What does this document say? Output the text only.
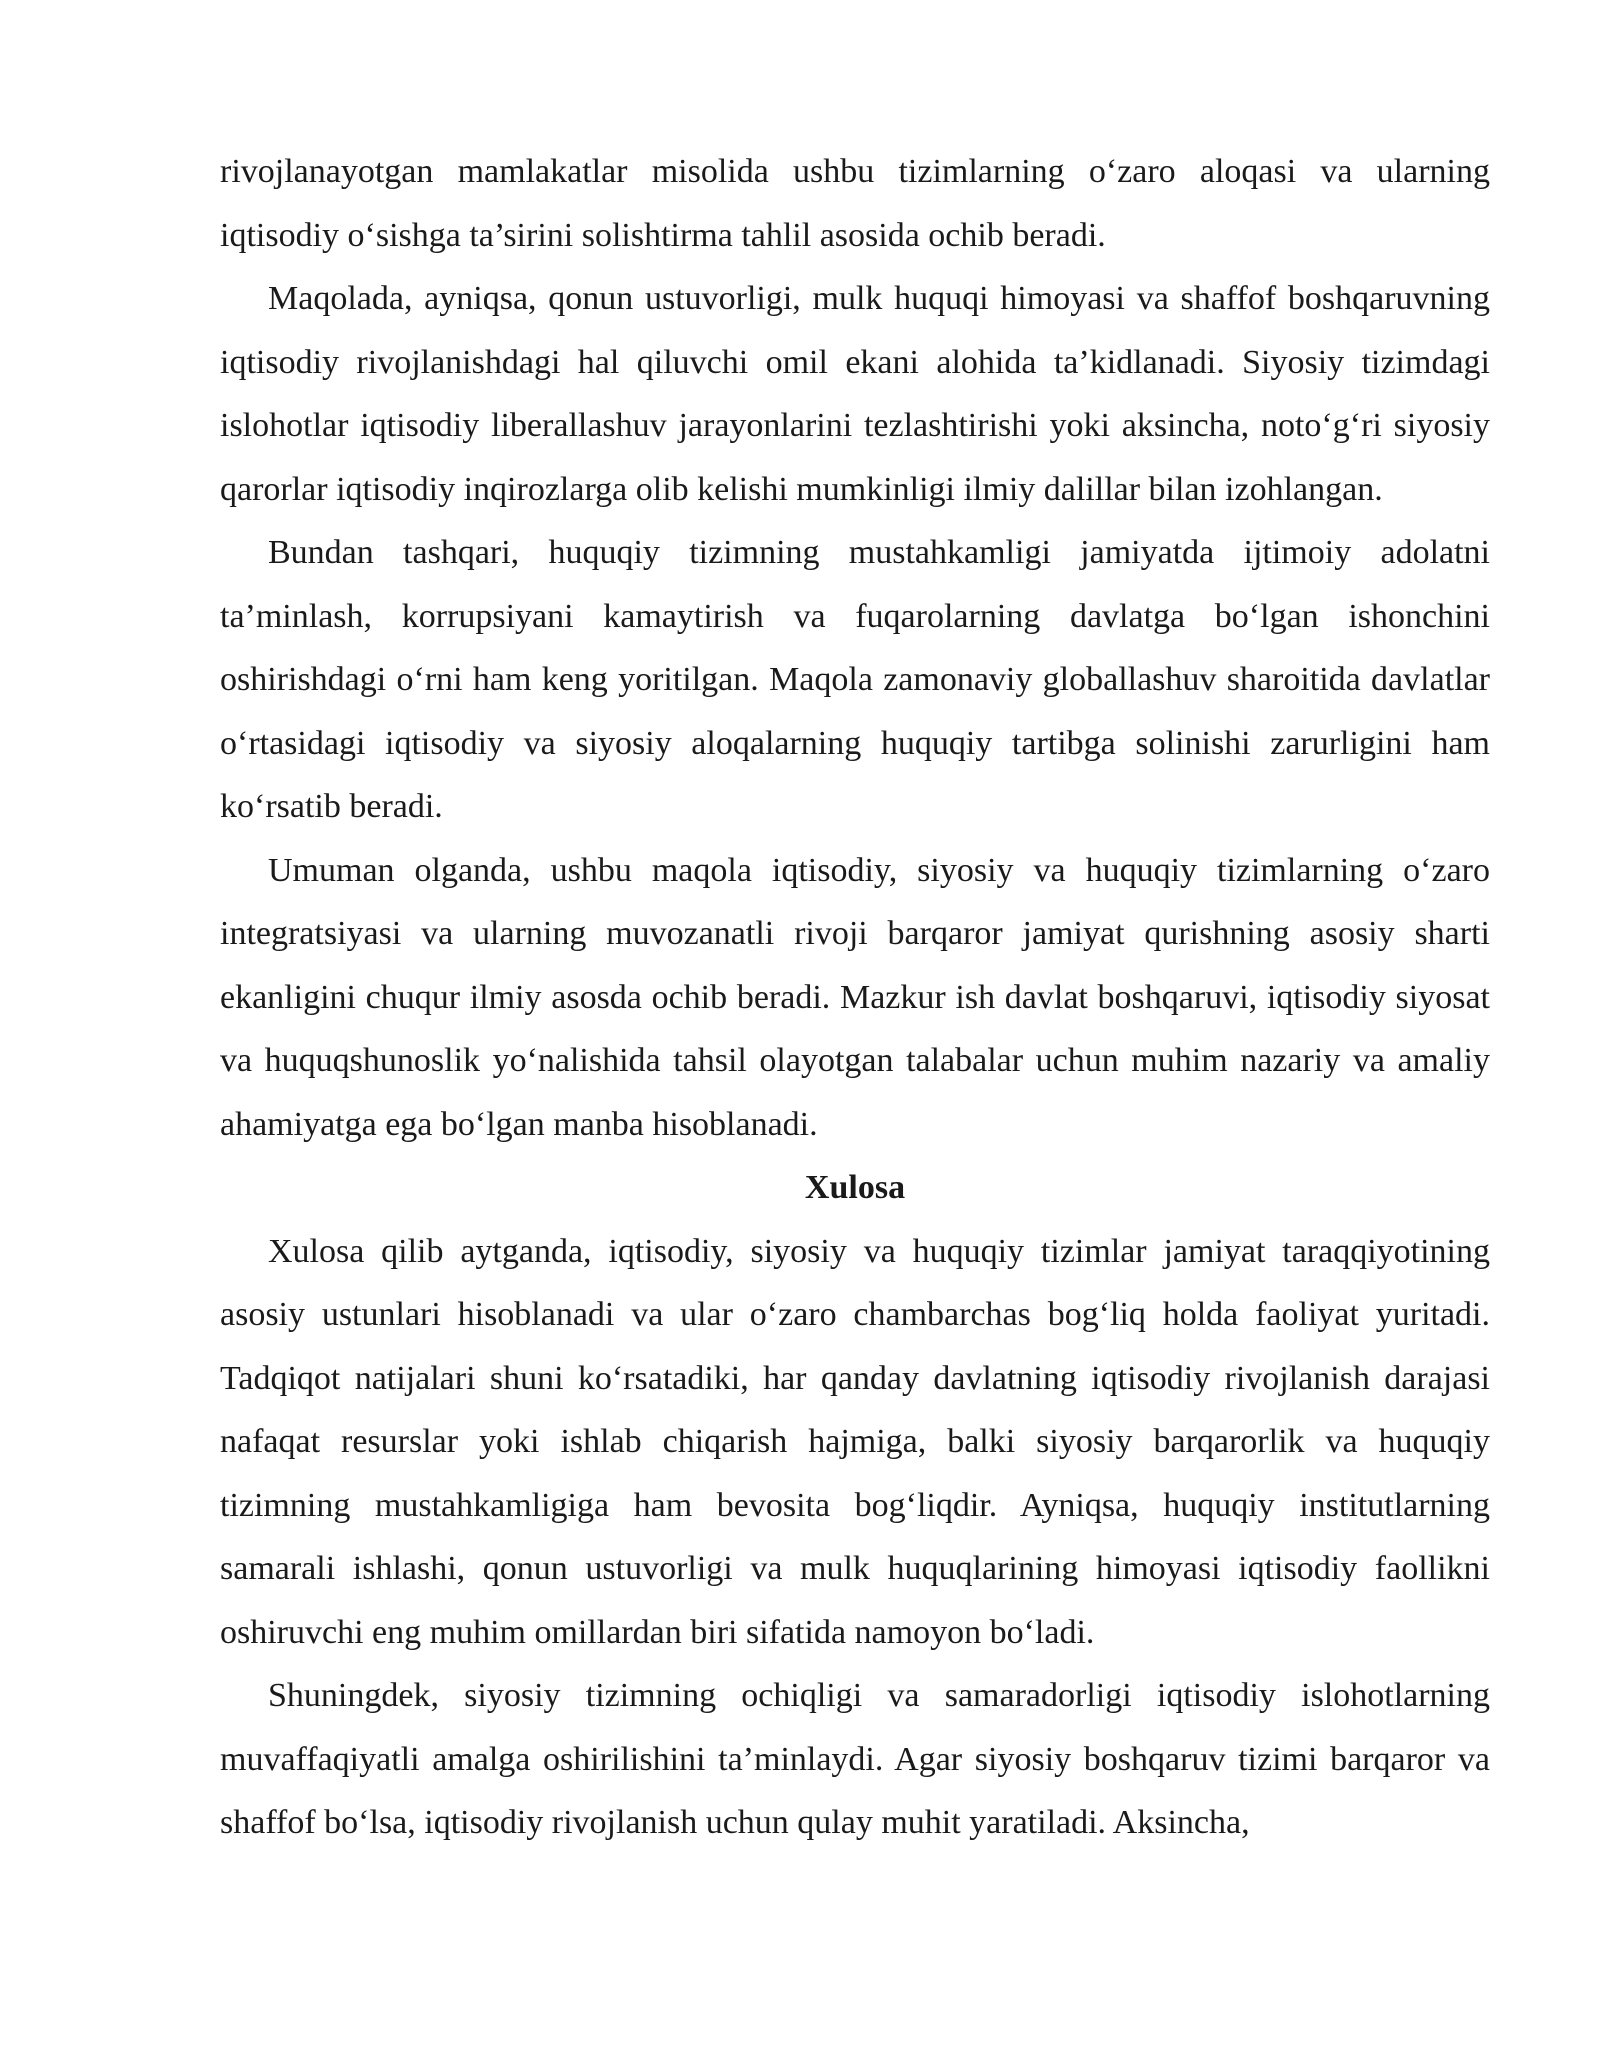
rivojlanayotgan mamlakatlar misolida ushbu tizimlarning o‘zaro aloqasi va ularning iqtisodiy o‘sishga ta’sirini solishtirma tahlil asosida ochib beradi.

Maqolada, ayniqsa, qonun ustuvorligi, mulk huquqi himoyasi va shaffof boshqaruvning iqtisodiy rivojlanishdagi hal qiluvchi omil ekani alohida ta’kidlanadi. Siyosiy tizimdagi islohotlar iqtisodiy liberallashuv jarayonlarini tezlashtirishi yoki aksincha, noto‘g‘ri siyosiy qarorlar iqtisodiy inqirozlarga olib kelishi mumkinligi ilmiy dalillar bilan izohlangan.

Bundan tashqari, huquqiy tizimning mustahkamligi jamiyatda ijtimoiy adolatni ta’minlash, korrupsiyani kamaytirish va fuqarolarning davlatga bo‘lgan ishonchini oshirishdagi o‘rni ham keng yoritilgan. Maqola zamonaviy globallashuv sharoitida davlatlar o‘rtasidagi iqtisodiy va siyosiy aloqalarning huquqiy tartibga solinishi zarurligini ham ko‘rsatib beradi.

Umuman olganda, ushbu maqola iqtisodiy, siyosiy va huquqiy tizimlarning o‘zaro integratsiyasi va ularning muvozanatli rivoji barqaror jamiyat qurishning asosiy sharti ekanligini chuqur ilmiy asosda ochib beradi. Mazkur ish davlat boshqaruvi, iqtisodiy siyosat va huquqshunoslik yo‘nalishida tahsil olayotgan talabalar uchun muhim nazariy va amaliy ahamiyatga ega bo‘lgan manba hisoblanadi.

Xulosa

Xulosa qilib aytganda, iqtisodiy, siyosiy va huquqiy tizimlar jamiyat taraqqiyotining asosiy ustunlari hisoblanadi va ular o‘zaro chambarchas bog‘liq holda faoliyat yuritadi. Tadqiqot natijalari shuni ko‘rsatadiki, har qanday davlatning iqtisodiy rivojlanish darajasi nafaqat resurslar yoki ishlab chiqarish hajmiga, balki siyosiy barqarorlik va huquqiy tizimning mustahkamligiga ham bevosita bog‘liqdir. Ayniqsa, huquqiy institutlarning samarali ishlashi, qonun ustuvorligi va mulk huquqlarining himoyasi iqtisodiy faollikni oshiruvchi eng muhim omillardan biri sifatida namoyon bo‘ladi.

Shuningdek, siyosiy tizimning ochiqligi va samaradorligi iqtisodiy islohotlarning muvaffaqiyatli amalga oshirilishini ta’minlaydi. Agar siyosiy boshqaruv tizimi barqaror va shaffof bo‘lsa, iqtisodiy rivojlanish uchun qulay muhit yaratiladi. Aksincha,
